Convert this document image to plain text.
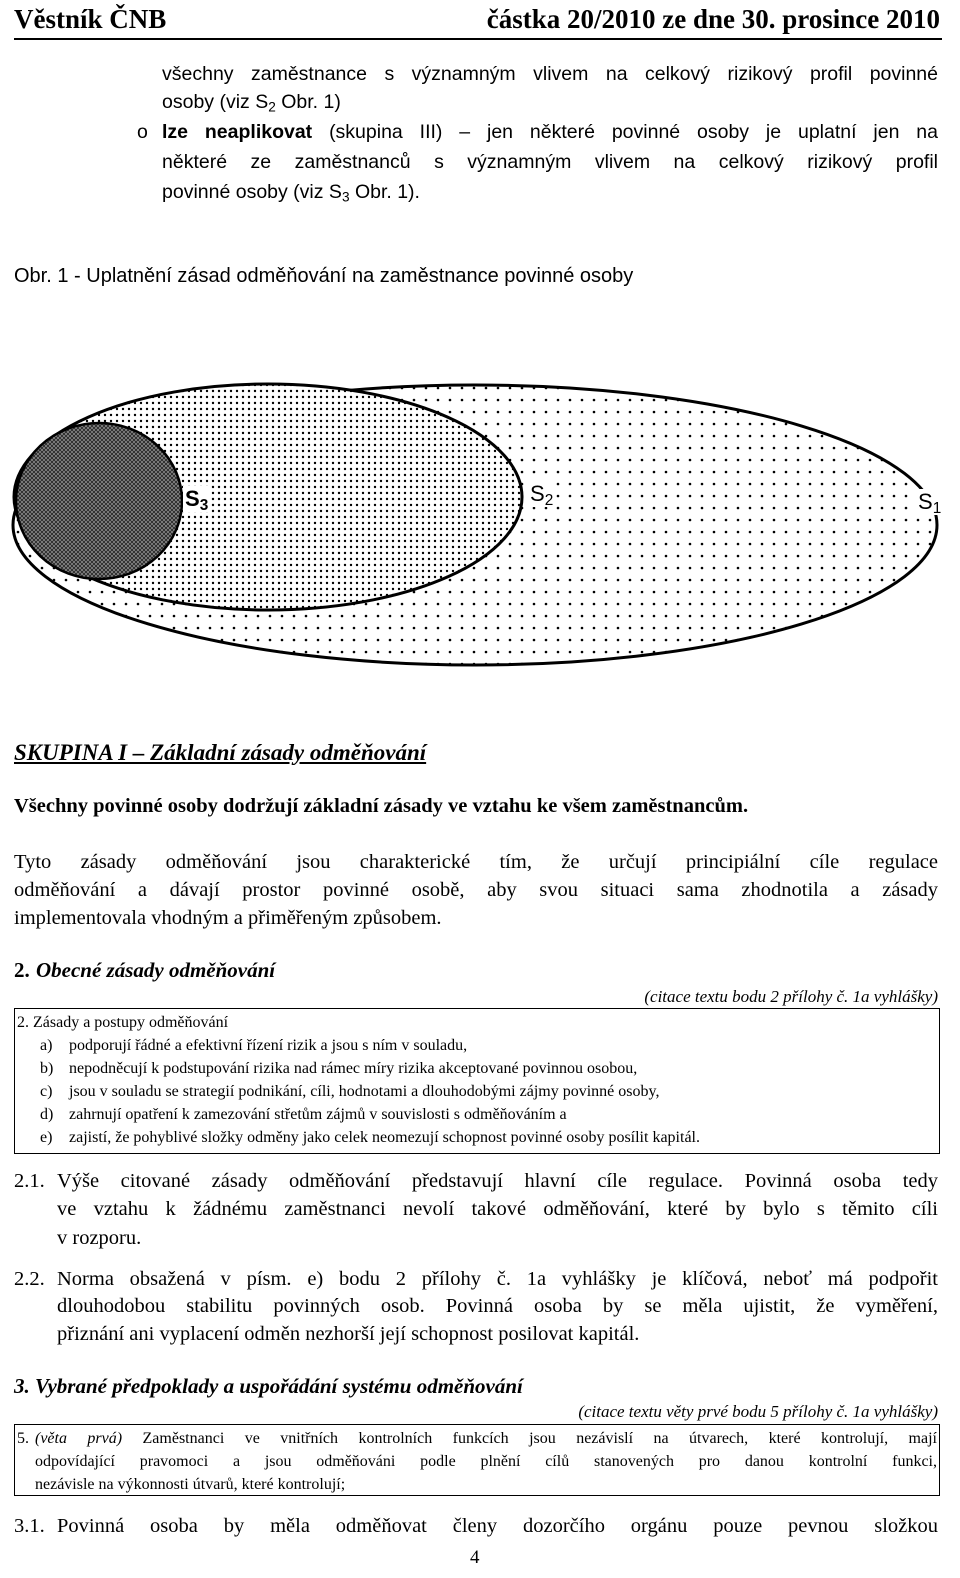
Věstník ČNB	částka 20/2010 ze dne 30. prosince 2010
všechny zaměstnance s významným vlivem na celkový rizikový profil povinné
osoby (viz $S_2$ Obr. 1)
o lze neaplikovat (skupina III) – jen některé povinné osoby je uplatní jen na
některé ze zaměstnanců s významným vlivem na celkový rizikový profil
povinné osoby (viz $S_3$ Obr. 1).
Obr. 1 - Uplatnění zásad odměňování na zaměstnance povinné osoby
$S_3$	$S_2$	$S_1$
SKUPINA I – Základní zásady odměňování
Všechny povinné osoby dodržují základní zásady ve vztahu ke všem zaměstnancům.
Tyto zásady odměňování jsou charakterické tím, že určují principiální cíle regulace
odměňování a dávají prostor povinné osobě, aby svou situaci sama zhodnotila a zásady
implementovala vhodným a přiměřeným způsobem.
2. Obecné zásady odměňování
(citace textu bodu 2 přílohy č. 1a vyhlášky)
2. Zásady a postupy odměňování
a) podporují řádné a efektivní řízení rizik a jsou s ním v souladu,
b) nepodněcují k podstupování rizika nad rámec míry rizika akceptované povinnou osobou,
c) jsou v souladu se strategií podnikání, cíli, hodnotami a dlouhodobými zájmy povinné osoby,
d) zahrnují opatření k zamezování střetům zájmů v souvislosti s odměňováním a
e) zajistí, že pohyblivé složky odměny jako celek neomezují schopnost povinné osoby posílit kapitál.
2.1. Výše citované zásady odměňování představují hlavní cíle regulace. Povinná osoba tedy
ve vztahu k žádnému zaměstnanci nevolí takové odměňování, které by bylo s těmito cíli
v rozporu.
2.2. Norma obsažená v písm. e) bodu 2 přílohy č. 1a vyhlášky je klíčová, neboť má podpořit
dlouhodobou stabilitu povinných osob. Povinná osoba by se měla ujistit, že vyměření,
přiznání ani vyplacení odměn nezhorší její schopnost posilovat kapitál.
3. Vybrané předpoklady a uspořádání systému odměňování
(citace textu věty prvé bodu 5 přílohy č. 1a vyhlášky)
5. (věta prvá) Zaměstnanci ve vnitřních kontrolních funkcích jsou nezávislí na útvarech, které kontrolují, mají
odpovídající pravomoci a jsou odměňováni podle plnění cílů stanovených pro danou kontrolní funkci,
nezávisle na výkonnosti útvarů, které kontrolují;
3.1. Povinná osoba by měla odměňovat členy dozorčího orgánu pouze pevnou složkou
4
